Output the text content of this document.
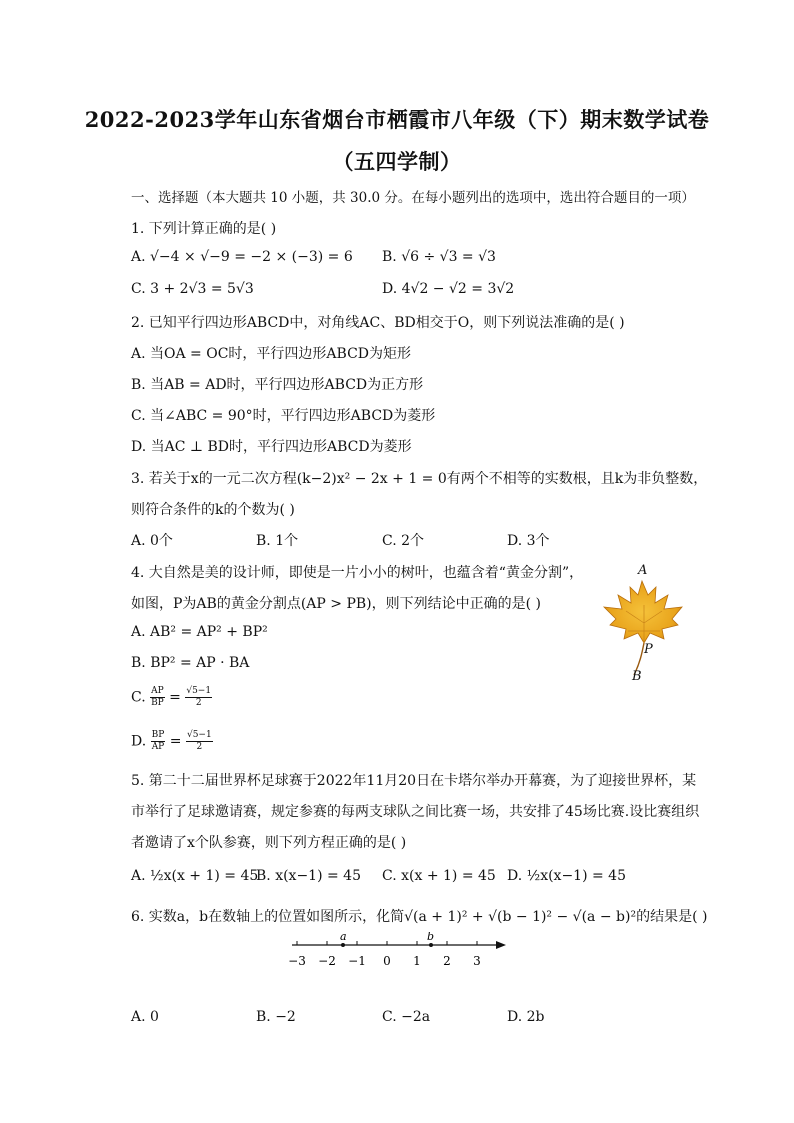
2022-2023学年山东省烟台市栖霞市八年级（下）期末数学试卷
（五四学制）
一、选择题（本大题共 10 小题，共 30.0 分。在每小题列出的选项中，选出符合题目的一项）
1. 下列计算正确的是( )
A. √−4 × √−9 = −2 × (−3) = 6 B. √6 ÷ √3 = √3
C. 3 + 2√3 = 5√3	D. 4√2 − √2 = 3√2
2. 已知平行四边形ABCD中，对角线AC、BD相交于O，则下列说法准确的是( )
A. 当OA = OC时，平行四边形ABCD为矩形
B. 当AB = AD时，平行四边形ABCD为正方形
C. 当∠ABC = 90°时，平行四边形ABCD为菱形
D. 当AC ⊥ BD时，平行四边形ABCD为菱形
3. 若关于x的一元二次方程(k−2)x² − 2x + 1 = 0有两个不相等的实数根，且k为非负整数，
则符合条件的k的个数为( )
A. 0个	B. 1个	C. 2个	D. 3个
4. 大自然是美的设计师，即使是一片小小的树叶，也蕴含着“黄金分割”，
如图，P为AB的黄金分割点(AP > PB)，则下列结论中正确的是( )
A. AB² = AP² + BP²
B. BP² = AP · BA
C. $\frac{AP}{BP} = \frac{√5-1}{2}$
D. $\frac{BP}{AP} = \frac{√5-1}{2}$
A
P
B
5. 第二十二届世界杯足球赛于2022年11月20日在卡塔尔举办开幕赛，为了迎接世界杯，某
市举行了足球邀请赛，规定参赛的每两支球队之间比赛一场，共安排了45场比赛.设比赛组织
者邀请了x个队参赛，则下列方程正确的是( )
A. ½x(x + 1) = 45
B. x(x−1) = 45 C. x(x + 1) = 45 D. ½x(x−1) = 45
6. 实数a，b在数轴上的位置如图所示，化简√(a + 1)² + √(b − 1)² − √(a − b)²的结果是( )
−3 −2 −1 0 1 2 3
a	b
A. 0	B. −2	C. −2a	D. 2b
